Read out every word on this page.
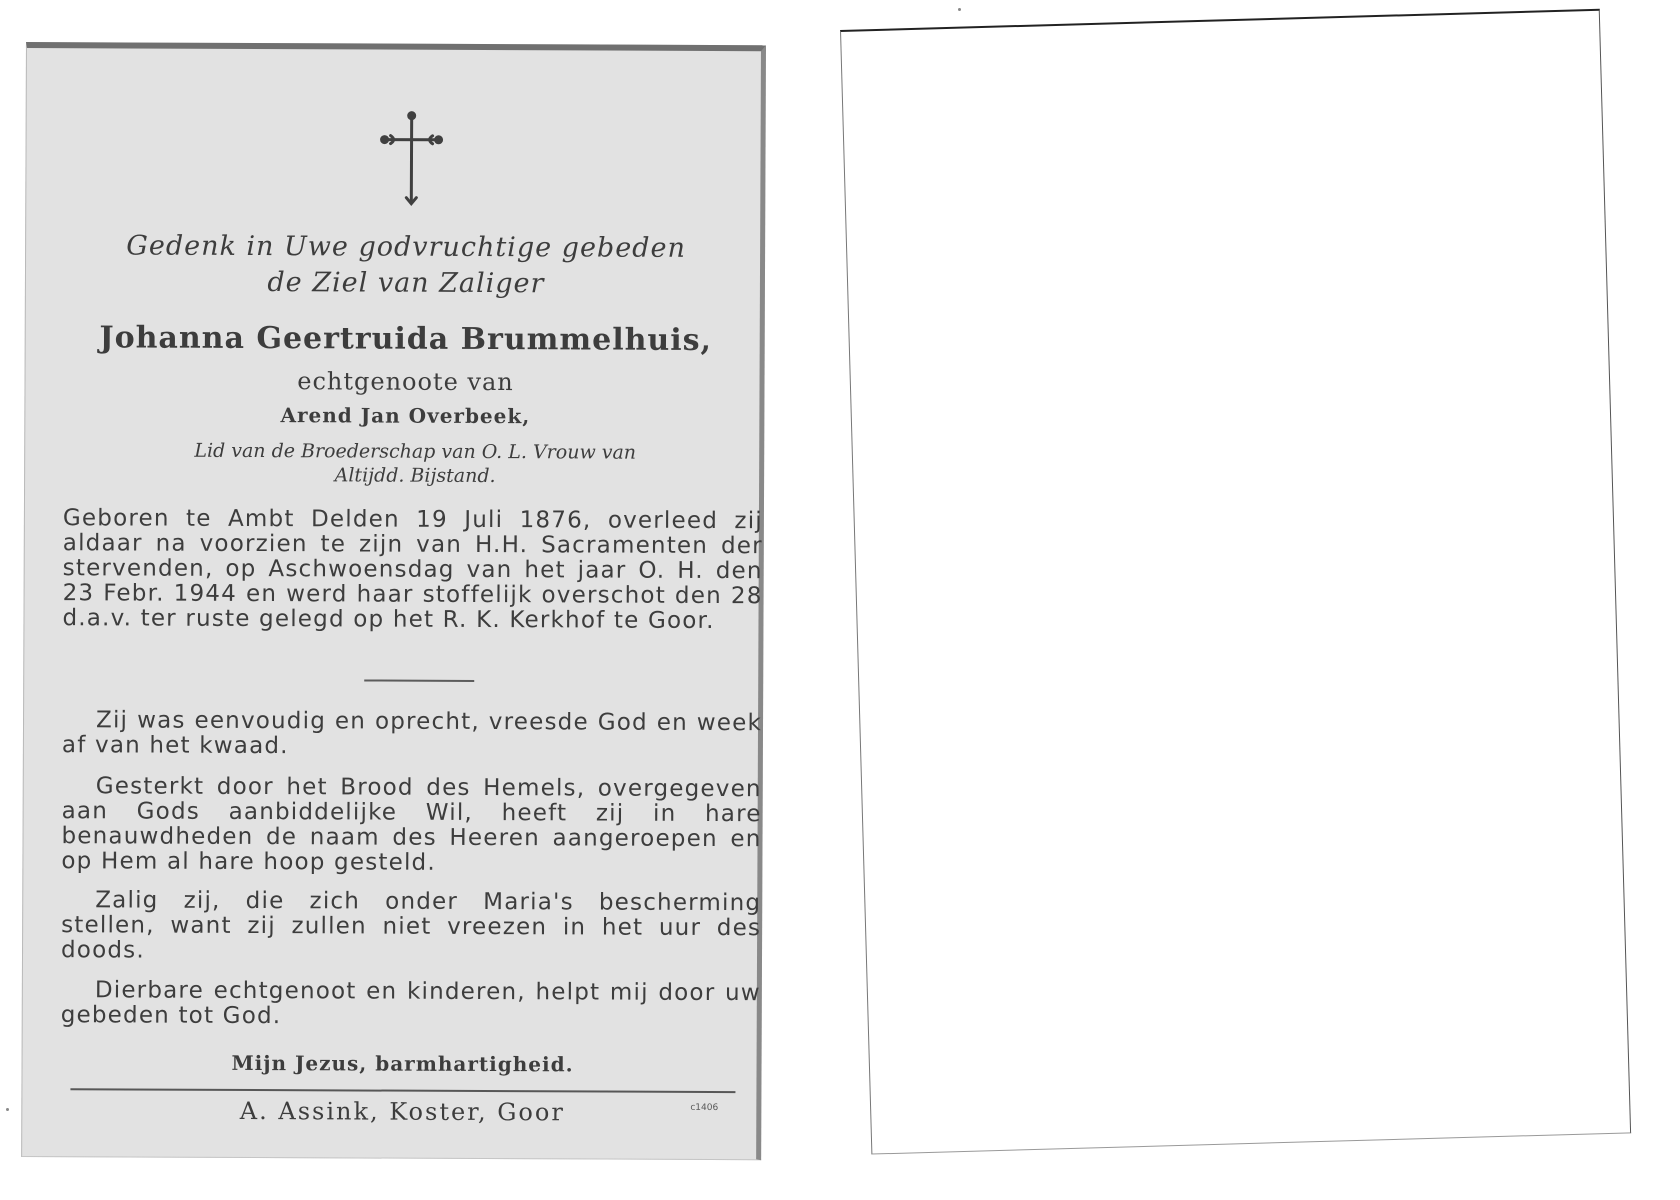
Gedenk in Uwe godvruchtige gebeden
de Ziel van Zaliger
Johanna Geertruida Brummelhuis,
echtgenoote van
Arend Jan Overbeek,
Lid van de Broederschap van O. L. Vrouw van
Altijdd. Bijstand.
Geboren te Ambt Delden 19 Juli 1876, overleed zij aldaar na voorzien te zijn van H.H. Sacramenten der stervenden, op Aschwoensdag van het jaar O. H. den 23 Febr. 1944 en werd haar stoffelijk overschot den 28 d.a.v. ter ruste gelegd op het R. K. Kerkhof te Goor.

Zij was eenvoudig en oprecht, vreesde God en week af van het kwaad.

Gesterkt door het Brood des Hemels, overgegeven aan Gods aanbiddelijke Wil, heeft zij in hare benauwdheden de naam des Heeren aangeroepen en op Hem al hare hoop gesteld.

Zalig zij, die zich onder Maria's bescherming stellen, want zij zullen niet vreezen in het uur des doods.

Dierbare echtgenoot en kinderen, helpt mij door uw gebeden tot God.

Mijn Jezus, barmhartigheid.
A. Assink, Koster, Goor	c1406
